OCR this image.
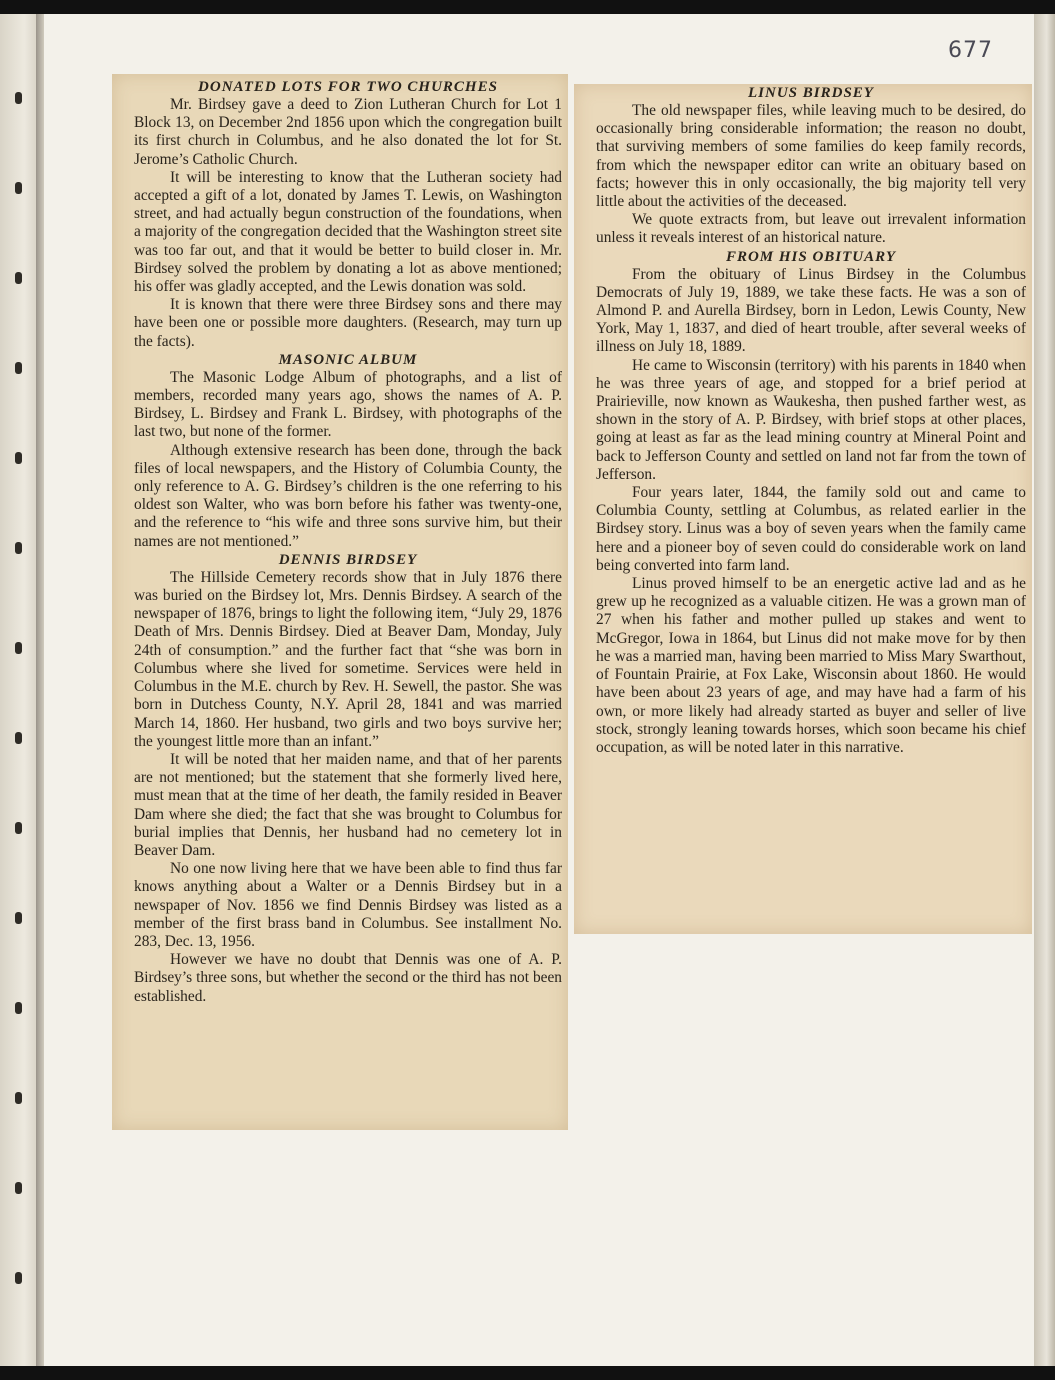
677
DONATED LOTS FOR TWO CHURCHES

Mr. Birdsey gave a deed to Zion Lutheran Church for Lot 1 Block 13, on December 2nd 1856 upon which the congregation built its first church in Columbus, and he also donated the lot for St. Jerome’s Catholic Church.

It will be interesting to know that the Lutheran society had accepted a gift of a lot, donated by James T. Lewis, on Washington street, and had actually begun construction of the foundations, when a majority of the congregation decided that the Washington street site was too far out, and that it would be better to build closer in. Mr. Birdsey solved the problem by donating a lot as above mentioned; his offer was gladly accepted, and the Lewis donation was sold.

It is known that there were three Birdsey sons and there may have been one or possible more daughters. (Research, may turn up the facts).

MASONIC ALBUM

The Masonic Lodge Album of photographs, and a list of members, recorded many years ago, shows the names of A. P. Birdsey, L. Birdsey and Frank L. Birdsey, with photographs of the last two, but none of the former.

Although extensive research has been done, through the back files of local newspapers, and the History of Columbia County, the only reference to A. G. Birdsey’s children is the one referring to his oldest son Walter, who was born before his father was twenty-one, and the reference to “his wife and three sons survive him, but their names are not mentioned.”

DENNIS BIRDSEY

The Hillside Cemetery records show that in July 1876 there was buried on the Birdsey lot, Mrs. Dennis Birdsey. A search of the newspaper of 1876, brings to light the following item, “July 29, 1876 Death of Mrs. Dennis Birdsey. Died at Beaver Dam, Monday, July 24th of consumption.” and the further fact that “she was born in Columbus where she lived for sometime. Services were held in Columbus in the M.E. church by Rev. H. Sewell, the pastor. She was born in Dutchess County, N.Y. April 28, 1841 and was married March 14, 1860. Her husband, two girls and two boys survive her; the youngest little more than an infant.”

It will be noted that her maiden name, and that of her parents are not mentioned; but the statement that she formerly lived here, must mean that at the time of her death, the family resided in Beaver Dam where she died; the fact that she was brought to Columbus for burial implies that Dennis, her husband had no cemetery lot in Beaver Dam.

No one now living here that we have been able to find thus far knows anything about a Walter or a Dennis Birdsey but in a newspaper of Nov. 1856 we find Dennis Birdsey was listed as a member of the first brass band in Columbus. See installment No. 283, Dec. 13, 1956.

However we have no doubt that Dennis was one of A. P. Birdsey’s three sons, but whether the second or the third has not been established.

LINUS BIRDSEY

The old newspaper files, while leaving much to be desired, do occasionally bring considerable information; the reason no doubt, that surviving members of some families do keep family records, from which the newspaper editor can write an obituary based on facts; however this in only occasionally, the big majority tell very little about the activities of the deceased.

We quote extracts from, but leave out irrevalent information unless it reveals interest of an historical nature.

FROM HIS OBITUARY

From the obituary of Linus Birdsey in the Columbus Democrats of July 19, 1889, we take these facts. He was a son of Almond P. and Aurella Birdsey, born in Ledon, Lewis County, New York, May 1, 1837, and died of heart trouble, after several weeks of illness on July 18, 1889.

He came to Wisconsin (territory) with his parents in 1840 when he was three years of age, and stopped for a brief period at Prairieville, now known as Waukesha, then pushed farther west, as shown in the story of A. P. Birdsey, with brief stops at other places, going at least as far as the lead mining country at Mineral Point and back to Jefferson County and settled on land not far from the town of Jefferson.

Four years later, 1844, the family sold out and came to Columbia County, settling at Columbus, as related earlier in the Birdsey story. Linus was a boy of seven years when the family came here and a pioneer boy of seven could do considerable work on land being converted into farm land.

Linus proved himself to be an energetic active lad and as he grew up he recognized as a valuable citizen. He was a grown man of 27 when his father and mother pulled up stakes and went to McGregor, Iowa in 1864, but Linus did not make move for by then he was a married man, having been married to Miss Mary Swarthout, of Fountain Prairie, at Fox Lake, Wisconsin about 1860. He would have been about 23 years of age, and may have had a farm of his own, or more likely had already started as buyer and seller of live stock, strongly leaning towards horses, which soon became his chief occupation, as will be noted later in this narrative.
